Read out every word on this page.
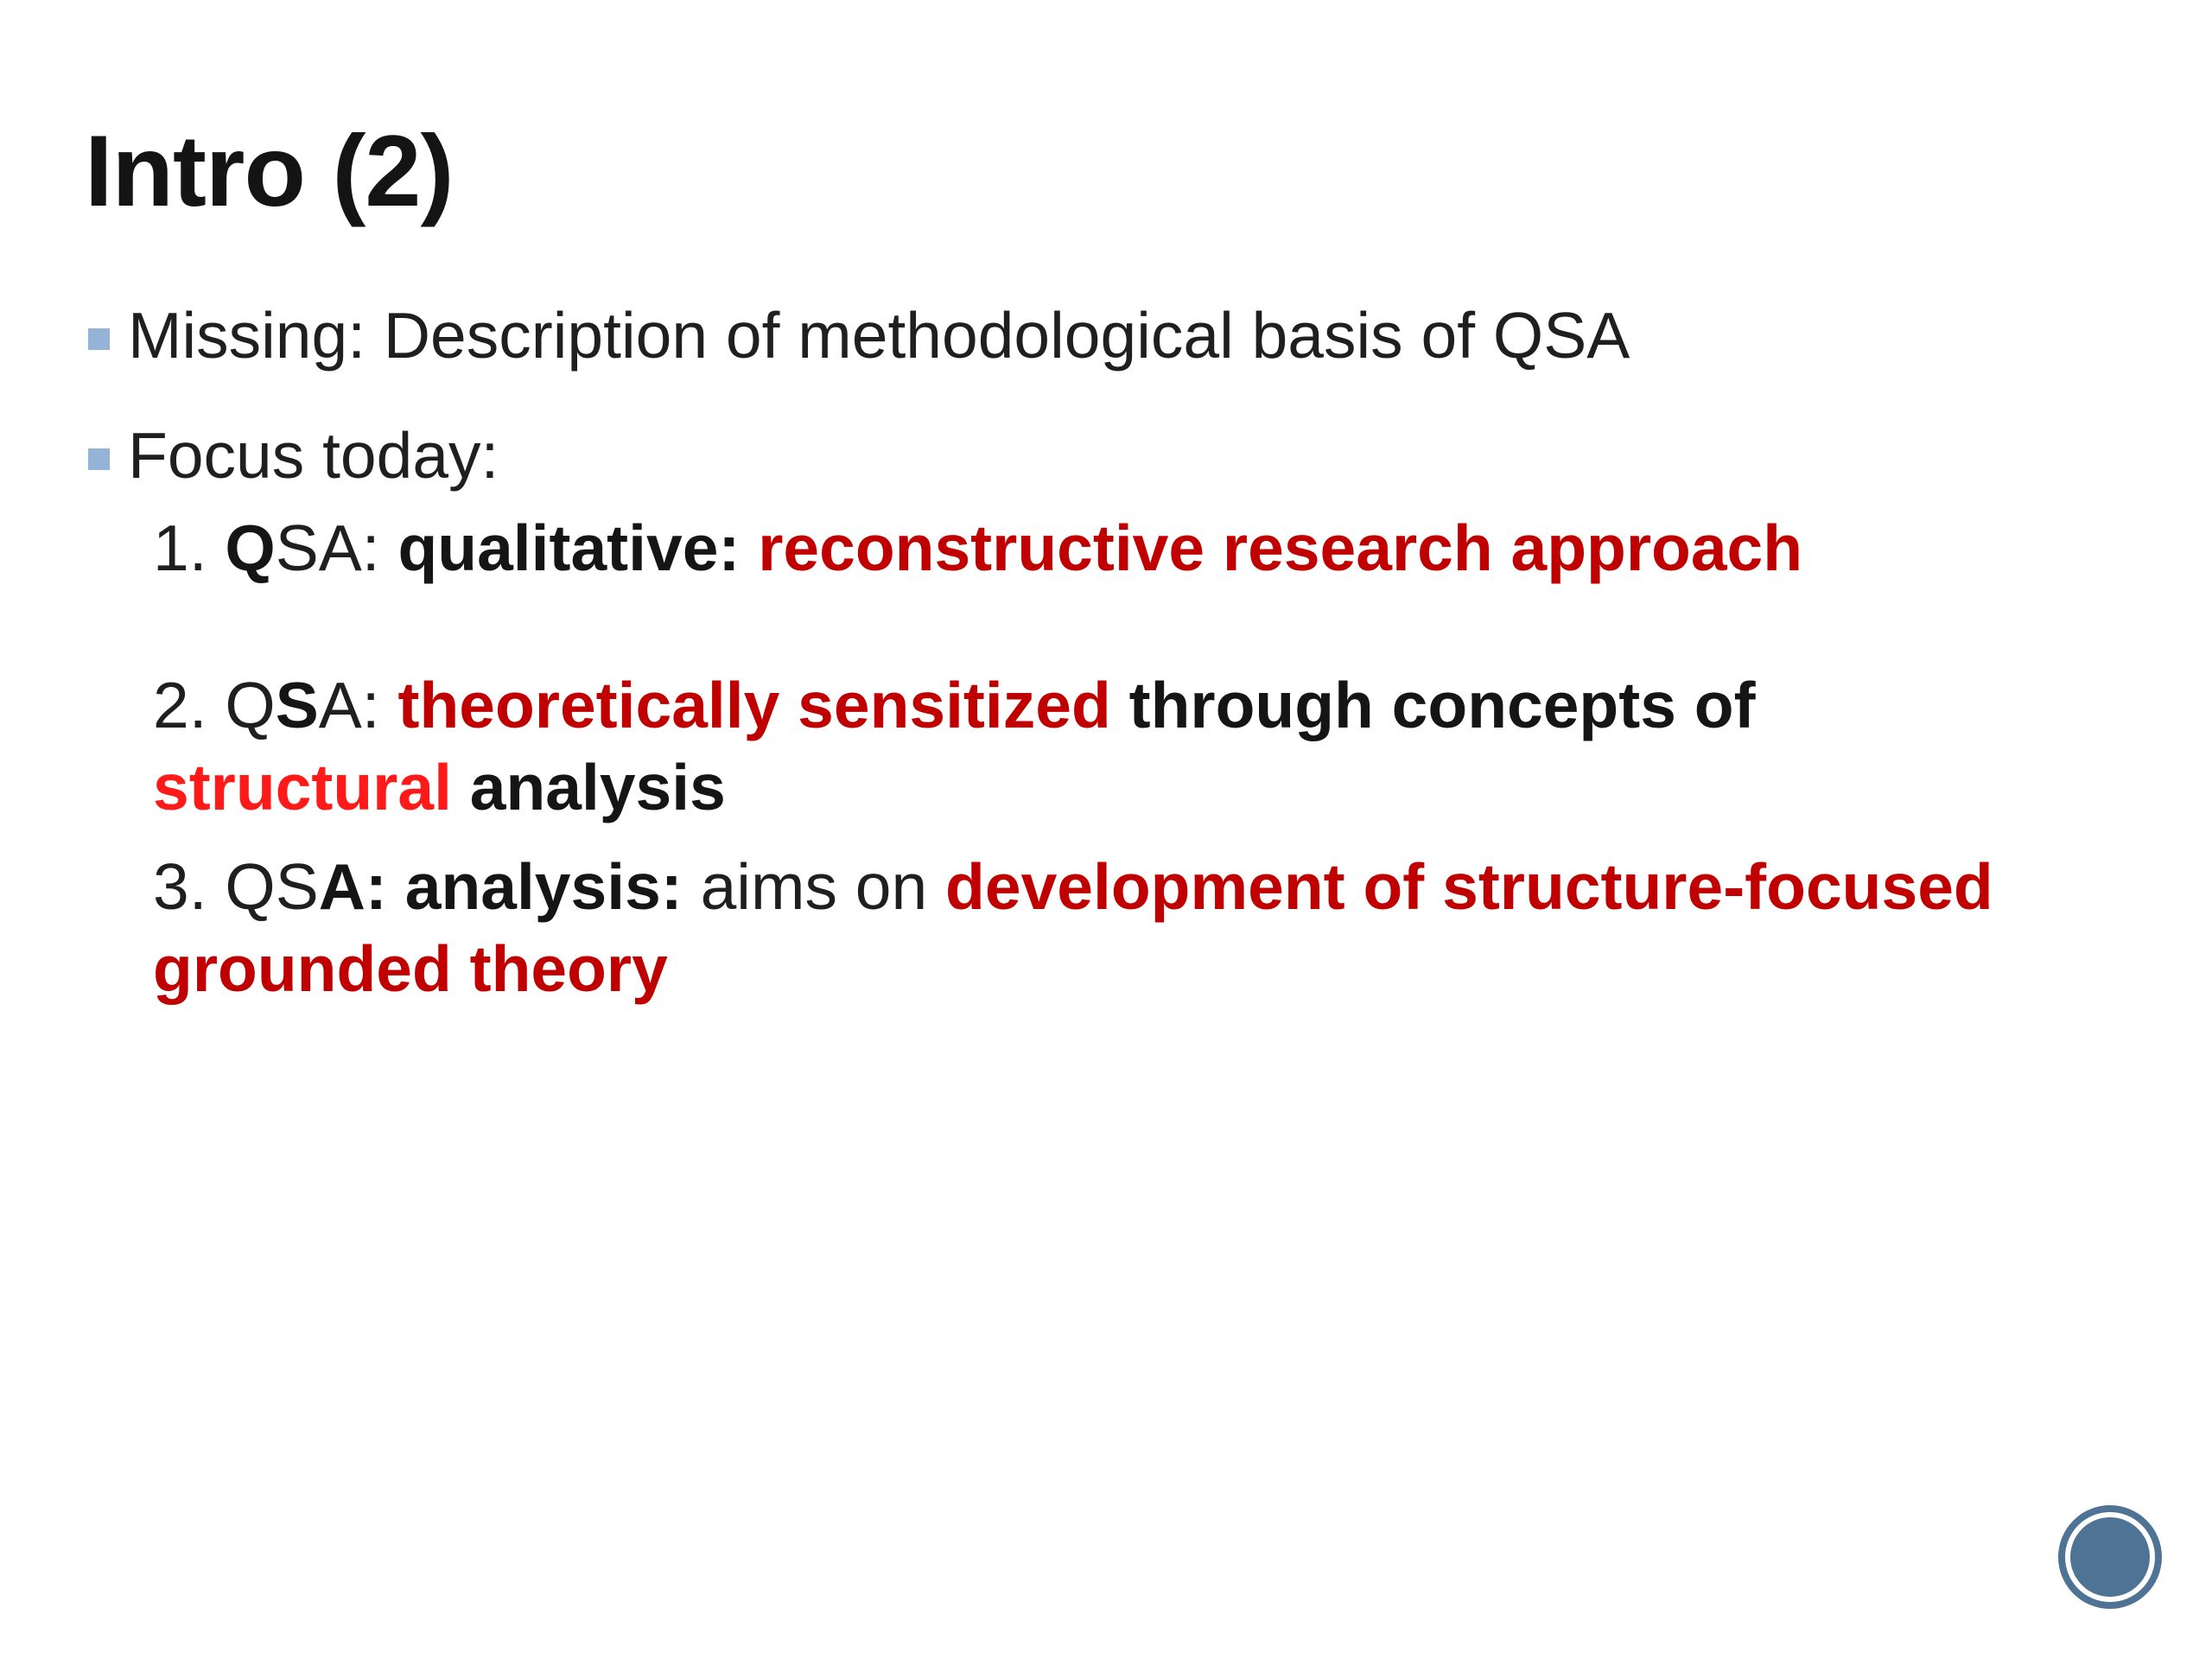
Intro (2)
Missing: Description of methodological basis of QSA
Focus today:
1. QSA: qualitative: reconstructive research approach
2. QSA: theoretically sensitized through concepts of
structural analysis
3. QSA: analysis: aims on development of structure-focused
grounded theory
